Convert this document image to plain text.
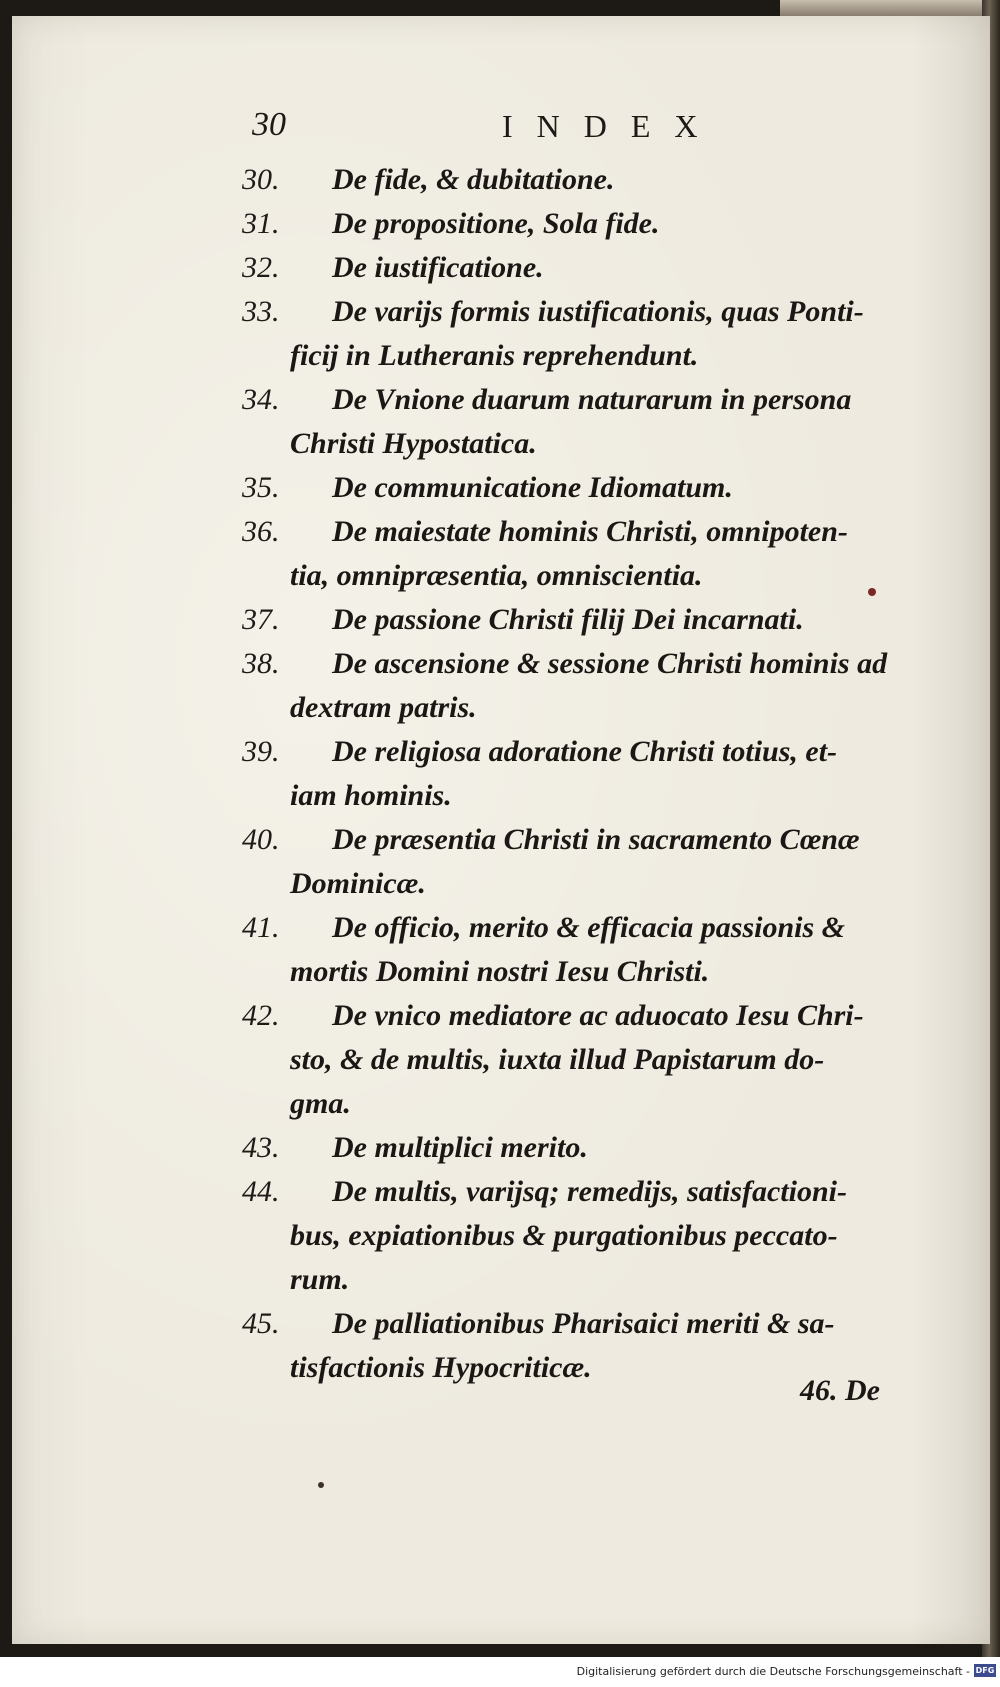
30	INDEX
30. De fide, & dubitatione.
31. De propositione, Sola fide.
32. De iustificatione.
33. De varijs formis iustificationis, quas Ponti-
ficij in Lutheranis reprehendunt.
34. De Vnione duarum naturarum in persona
Christi Hypostatica.
35. De communicatione Idiomatum.
36. De maiestate hominis Christi, omnipoten-
tia, omnipræsentia, omniscientia.
37. De passione Christi filij Dei incarnati.
38. De ascensione & sessione Christi hominis ad
dextram patris.
39. De religiosa adoratione Christi totius, et-
iam hominis.
40. De præsentia Christi in sacramento Cœnæ
Dominicæ.
41. De officio, merito & efficacia passionis &
mortis Domini nostri Iesu Christi.
42. De vnico mediatore ac aduocato Iesu Chri-
sto, & de multis, iuxta illud Papistarum do-
gma.
43. De multiplici merito.
44. De multis, varijsq; remedijs, satisfactioni-
bus, expiationibus & purgationibus peccato-
rum.
45. De palliationibus Pharisaici meriti & sa-
tisfactionis Hypocriticæ.
46. De
Digitalisierung gefördert durch die Deutsche Forschungsgemeinschaft - DFG
